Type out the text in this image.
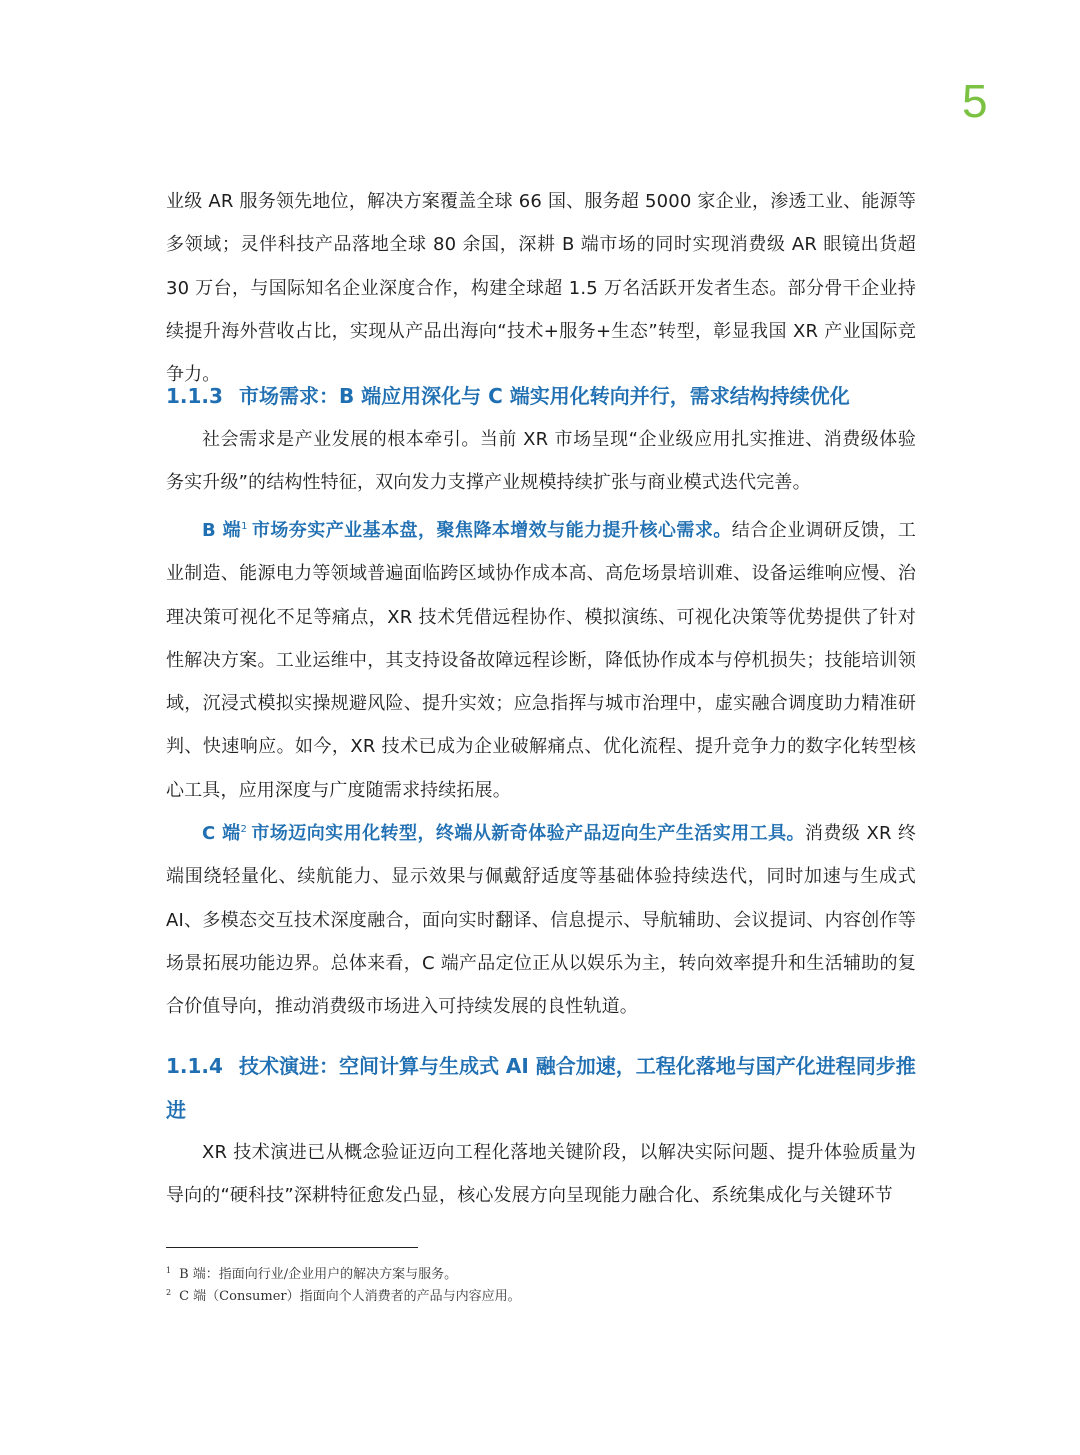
5

业级 AR 服务领先地位，解决方案覆盖全球 66 国、服务超 5000 家企业，渗透工业、能源等多领域；灵伴科技产品落地全球 80 余国，深耕 B 端市场的同时实现消费级 AR 眼镜出货超 30 万台，与国际知名企业深度合作，构建全球超 1.5 万名活跃开发者生态。部分骨干企业持续提升海外营收占比，实现从产品出海向“技术+服务+生态”转型，彰显我国 XR 产业国际竞争力。

1.1.3 市场需求：B 端应用深化与 C 端实用化转向并行，需求结构持续优化

社会需求是产业发展的根本牵引。当前 XR 市场呈现“企业级应用扎实推进、消费级体验务实升级”的结构性特征，双向发力支撑产业规模持续扩张与商业模式迭代完善。

B 端$^1$ 市场夯实产业基本盘，聚焦降本增效与能力提升核心需求。结合企业调研反馈，工业制造、能源电力等领域普遍面临跨区域协作成本高、高危场景培训难、设备运维响应慢、治理决策可视化不足等痛点，XR 技术凭借远程协作、模拟演练、可视化决策等优势提供了针对性解决方案。工业运维中，其支持设备故障远程诊断，降低协作成本与停机损失；技能培训领域，沉浸式模拟实操规避风险、提升实效；应急指挥与城市治理中，虚实融合调度助力精准研判、快速响应。如今，XR 技术已成为企业破解痛点、优化流程、提升竞争力的数字化转型核心工具，应用深度与广度随需求持续拓展。

C 端$^2$ 市场迈向实用化转型，终端从新奇体验产品迈向生产生活实用工具。消费级 XR 终端围绕轻量化、续航能力、显示效果与佩戴舒适度等基础体验持续迭代，同时加速与生成式 AI、多模态交互技术深度融合，面向实时翻译、信息提示、导航辅助、会议提词、内容创作等场景拓展功能边界。总体来看，C 端产品定位正从以娱乐为主，转向效率提升和生活辅助的复合价值导向，推动消费级市场进入可持续发展的良性轨道。

1.1.4 技术演进：空间计算与生成式 AI 融合加速，工程化落地与国产化进程同步推进

XR 技术演进已从概念验证迈向工程化落地关键阶段，以解决实际问题、提升体验质量为导向的“硬科技”深耕特征愈发凸显，核心发展方向呈现能力融合化、系统集成化与关键环节

$^1$ B 端：指面向行业/企业用户的解决方案与服务。
$^2$ C 端（Consumer）指面向个人消费者的产品与内容应用。
